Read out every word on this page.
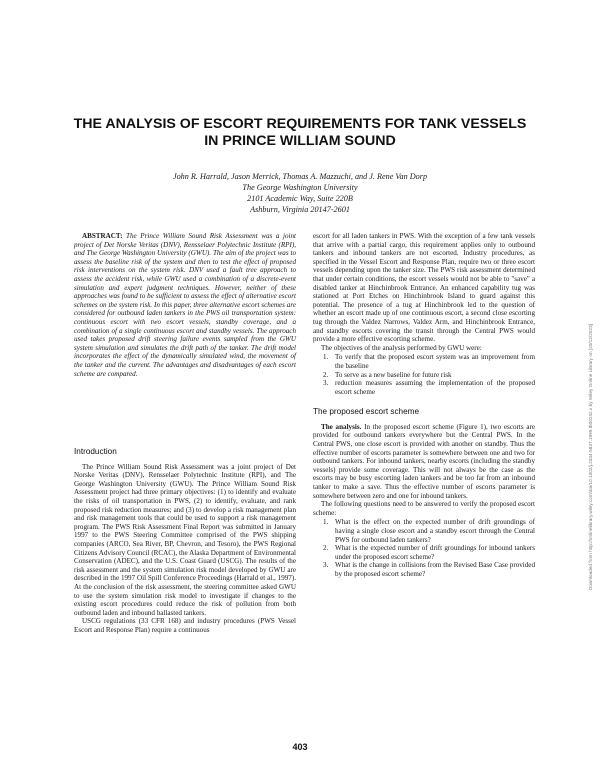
Downloaded from http://onlinelibrary.wiley.com/doi/10.1002/j.2334-5837.1999.tb00242.x by Wiley Online Library on [20/12/2023]
THE ANALYSIS OF ESCORT REQUIREMENTS FOR TANK VESSELS
IN PRINCE WILLIAM SOUND
John R. Harrald, Jason Merrick, Thomas A. Mazzuchi, and J. Rene Van Dorp
The George Washington University
2101 Academic Way, Suite 220B
Ashburn, Virginia 20147-2601

ABSTRACT: The Prince William Sound Risk Assessment was a joint project of Det Norske Veritas (DNV), Rensselaer Polytechnic Institute (RPI), and The George Washington University (GWU). The aim of the project was to assess the baseline risk of the system and then to test the effect of proposed risk interventions on the system risk. DNV used a fault tree approach to assess the accident risk, while GWU used a combination of a discrete-event simulation and expert judgment techniques. However, neither of these approaches was found to be sufficient to assess the effect of alternative escort schemes on the system risk. In this paper, three alternative escort schemes are considered for outbound laden tankers in the PWS oil transportation system: continuous escort with two escort vessels, standby coverage, and a combination of a single continuous escort and standby vessels. The approach used takes proposed drift steering failure events sampled from the GWU system simulation and simulates the drift path of the tanker. The drift model incorporates the effect of the dynamically simulated wind, the movement of the tanker and the current. The advantages and disadvantages of each escort scheme are compared.

Introduction

The Prince William Sound Risk Assessment was a joint project of Det Norske Veritas (DNV), Rensselaer Polytechnic Institute (RPI), and The George Washington University (GWU). The Prince William Sound Risk Assessment project had three primary objectives: (1) to identify and evaluate the risks of oil transportation in PWS, (2) to identify, evaluate, and rank proposed risk reduction measures; and (3) to develop a risk management plan and risk management tools that could be used to support a risk management program. The PWS Risk Assessment Final Report was submitted in January 1997 to the PWS Steering Committee comprised of the PWS shipping companies (ARCO, Sea River, BP, Chevron, and Tesoro), the PWS Regional Citizens Advisory Council (RCAC), the Alaska Department of Environmental Conservation (ADEC), and the U.S. Coast Guard (USCG). The results of the risk assessment and the system simulation risk model developed by GWU are described in the 1997 Oil Spill Conference Proceedings (Harrald et al., 1997). At the conclusion of the risk assessment, the steering committee asked GWU to use the system simulation risk model to investigate if changes to the existing escort procedures could reduce the risk of pollution from both outbound laden and inbound ballasted tankers.

USCG regulations (33 CFR 168) and industry procedures (PWS Vessel Escort and Response Plan) require a continuous

escort for all laden tankers in PWS. With the exception of a few tank vessels that arrive with a partial cargo, this requirement applies only to outbound tankers and inbound tankers are not escorted. Industry procedures, as specified in the Vessel Escort and Response Plan, require two or three escort vessels depending upon the tanker size. The PWS risk assessment determined that under certain conditions, the escort vessels would not be able to "save" a disabled tanker at Hinchinbrook Entrance. An enhanced capability tug was stationed at Port Etches on Hinchinbrook Island to guard against this potential. The presence of a tug at Hinchinbrook led to the question of whether an escort made up of one continuous escort, a second close escorting tug through the Valdez Narrows, Valdez Arm, and Hinchinbrook Entrance, and standby escorts covering the transit through the Central PWS would provide a more effective escorting scheme.

The objectives of the analysis performed by GWU were:

1. To verify that the proposed escort system was an improvement from the baseline
2. To serve as a new baseline for future risk
3. reduction measures assuming the implementation of the proposed escort scheme
The proposed escort scheme

The analysis. In the proposed escort scheme (Figure 1), two escorts are provided for outbound tankers everywhere but the Central PWS. In the Central PWS, one close escort is provided with another on standby. Thus the effective number of escorts parameter is somewhere between one and two for outbound tankers. For inbound tankers, nearby escorts (including the standby vessels) provide some coverage. This will not always be the case as the escorts may be busy escorting laden tankers and be too far from an inbound tanker to make a save. Thus the effective number of escorts parameter is somewhere between zero and one for inbound tankers.

The following questions need to be answered to verify the proposed escort scheme:

1. What is the effect on the expected number of drift groundings of having a single close escort and a standby escort through the Central PWS for outbound laden tankers?
2. What is the expected number of drift groundings for inbound tankers under the proposed escort scheme?
3. What is the change in collisions from the Revised Base Case provided by the proposed escort scheme?
403
